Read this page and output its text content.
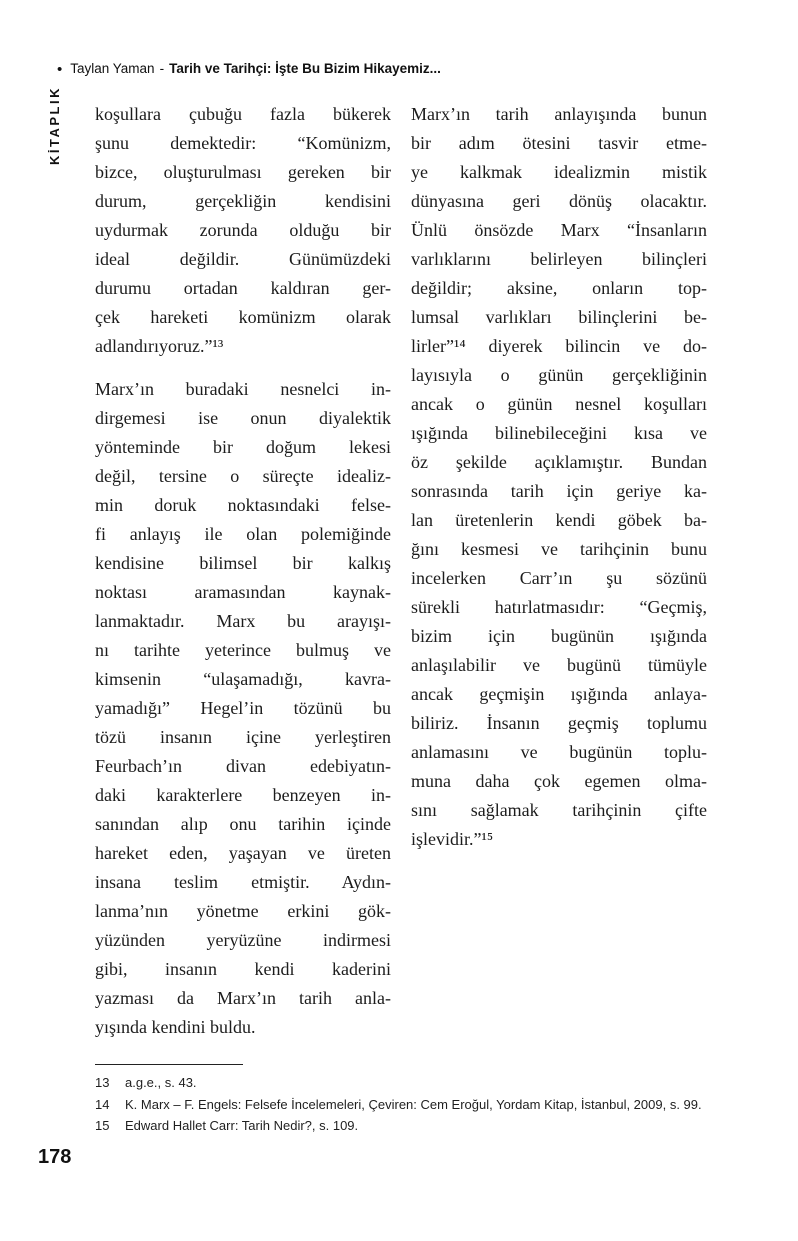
• Taylan Yaman - Tarih ve Tarihçi: İşte Bu Bizim Hikayemiz...
KİTAPLIK koşullara çubuğu fazla bükerek
şunu demektedir: “Komünizm,
bizce, oluşturulması gereken bir
durum, gerçekliğin kendisini
uydurmak zorunda olduğu bir
ideal değildir. Günümüzdeki
durumu ortadan kaldıran ger-
çek hareketi komünizm olarak
adlandırıyoruz.”¹³

Marx’ın buradaki nesnelci in-
dirgemesi ise onun diyalektik
yönteminde bir doğum lekesi
değil, tersine o süreçte idealiz-
min doruk noktasındaki felse-
fi anlayış ile olan polemiğinde
kendisine bilimsel bir kalkış
noktası aramasından kaynak-
lanmaktadır. Marx bu arayışı-
nı tarihte yeterince bulmuş ve
kimsenin “ulaşamadığı, kavra-
yamadığı” Hegel’in tözünü bu
tözü insanın içine yerleştiren
Feurbach’ın divan edebiyatın-
daki karakterlere benzeyen in-
sanından alıp onu tarihin içinde
hareket eden, yaşayan ve üreten
insana teslim etmiştir. Aydın-
lanma’nın yönetme erkini gök-
yüzünden yeryüzüne indirmesi
gibi, insanın kendi kaderini
yazması da Marx’ın tarih anla-
yışında kendini buldu.

Marx’ın tarih anlayışında bunun
bir adım ötesini tasvir etme-
ye kalkmak idealizmin mistik
dünyasına geri dönüş olacaktır.
Ünlü önsözde Marx “İnsanların
varlıklarını belirleyen bilinçleri
değildir; aksine, onların top-
lumsal varlıkları bilinçlerini be-
lirler”¹⁴ diyerek bilincin ve do-
layısıyla o günün gerçekliğinin
ancak o günün nesnel koşulları
ışığında bilinebileceğini kısa ve
öz şekilde açıklamıştır. Bundan
sonrasında tarih için geriye ka-
lan üretenlerin kendi göbek ba-
ğını kesmesi ve tarihçinin bunu
incelerken Carr’ın şu sözünü
sürekli hatırlatmasıdır: “Geçmiş,
bizim için bugünün ışığında
anlaşılabilir ve bugünü tümüyle
ancak geçmişin ışığında anlaya-
biliriz. İnsanın geçmiş toplumu
anlamasını ve bugünün toplu-
muna daha çok egemen olma-
sını sağlamak tarihçinin çifte
işlevidir.”¹⁵

13 a.g.e., s. 43.

14 K. Marx – F. Engels: Felsefe İncelemeleri, Çeviren: Cem Eroğul, Yordam Kitap, İstanbul, 2009, s. 99.

15 Edward Hallet Carr: Tarih Nedir?, s. 109.

178
